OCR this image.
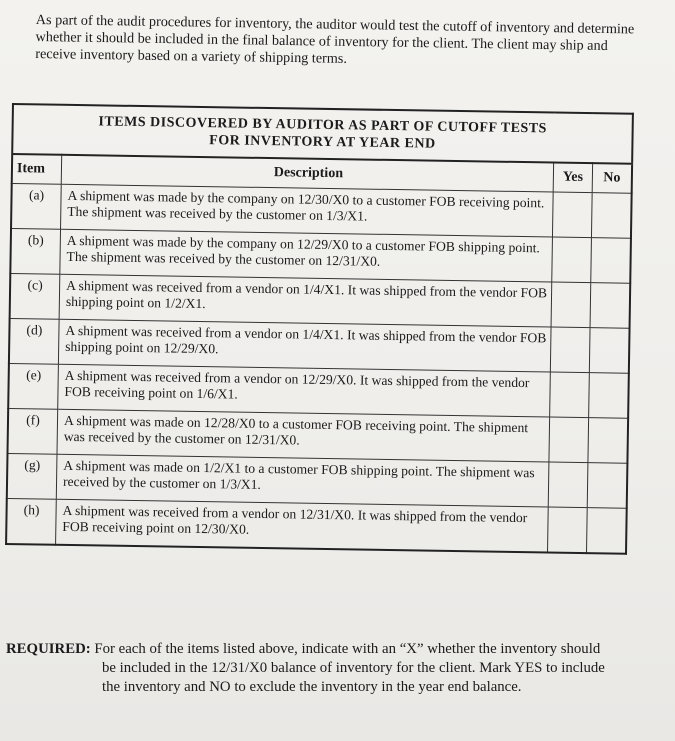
As part of the audit procedures for inventory, the auditor would test the cutoff of inventory and determine whether it should be included in the final balance of inventory for the client. The client may ship and receive inventory based on a variety of shipping terms.
ITEMS DISCOVERED BY AUDITOR AS PART OF CUTOFF TESTS
FOR INVENTORY AT YEAR END			
Item	Description	Yes	No
(a)	A shipment was made by the company on 12/30/X0 to a customer FOB receiving point. The shipment was received by the customer on 1/3/X1.		
(b)	A shipment was made by the company on 12/29/X0 to a customer FOB shipping point. The shipment was received by the customer on 12/31/X0.		
(c)	A shipment was received from a vendor on 1/4/X1. It was shipped from the vendor FOB shipping point on 1/2/X1.		
(d)	A shipment was received from a vendor on 1/4/X1. It was shipped from the vendor FOB shipping point on 12/29/X0.		
(e)	A shipment was received from a vendor on 12/29/X0. It was shipped from the vendor FOB receiving point on 1/6/X1.		
(f)	A shipment was made on 12/28/X0 to a customer FOB receiving point. The shipment was received by the customer on 12/31/X0.		
(g)	A shipment was made on 1/2/X1 to a customer FOB shipping point. The shipment was received by the customer on 1/3/X1.		
(h)	A shipment was received from a vendor on 12/31/X0. It was shipped from the vendor FOB receiving point on 12/30/X0.		
REQUIRED: For each of the items listed above, indicate with an “X” whether the inventory should
be included in the 12/31/X0 balance of inventory for the client. Mark YES to include
the inventory and NO to exclude the inventory in the year end balance.
